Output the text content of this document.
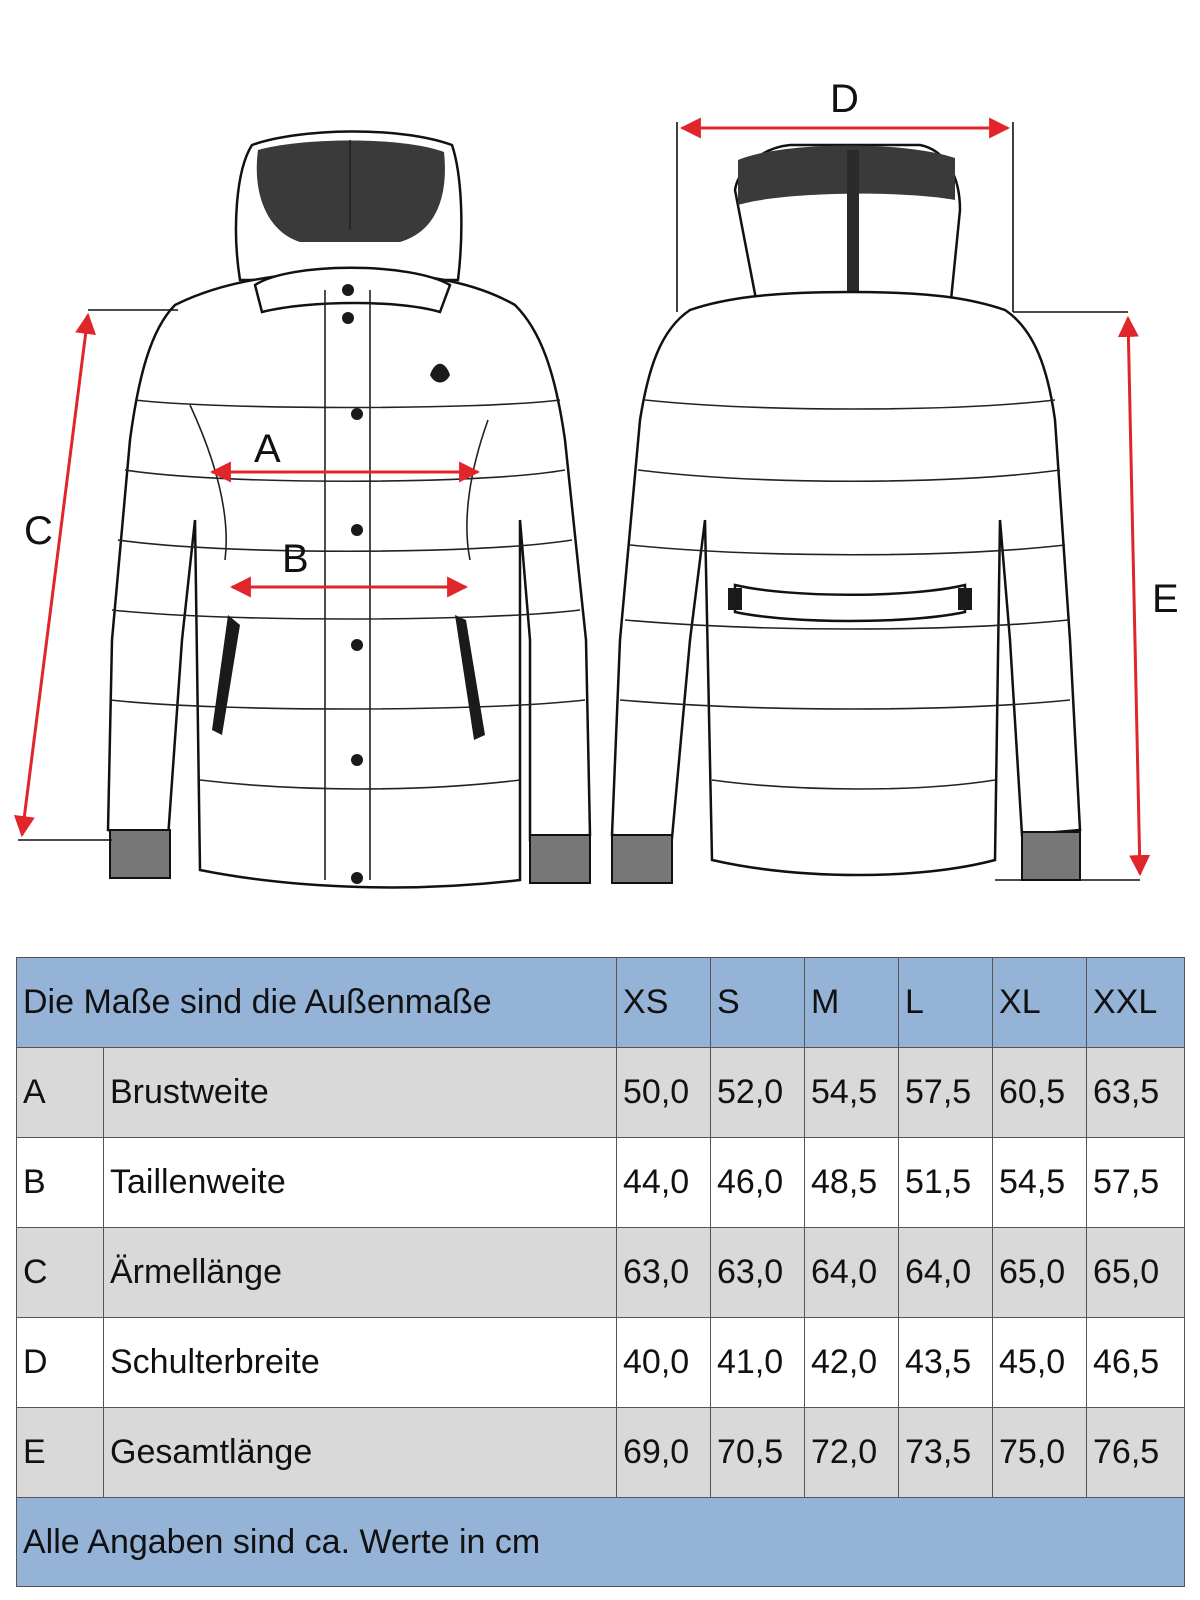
A
B
C
D
E
Die Maße sind die Außenmaße		XS	S	M	L	XL	XXL
A	Brustweite	50,0	52,0	54,5	57,5	60,5	63,5
B	Taillenweite	44,0	46,0	48,5	51,5	54,5	57,5
C	Ärmellänge	63,0	63,0	64,0	64,0	65,0	65,0
D	Schulterbreite	40,0	41,0	42,0	43,5	45,0	46,5
E	Gesamtlänge	69,0	70,5	72,0	73,5	75,0	76,5
Alle Angaben sind ca. Werte in cm							
